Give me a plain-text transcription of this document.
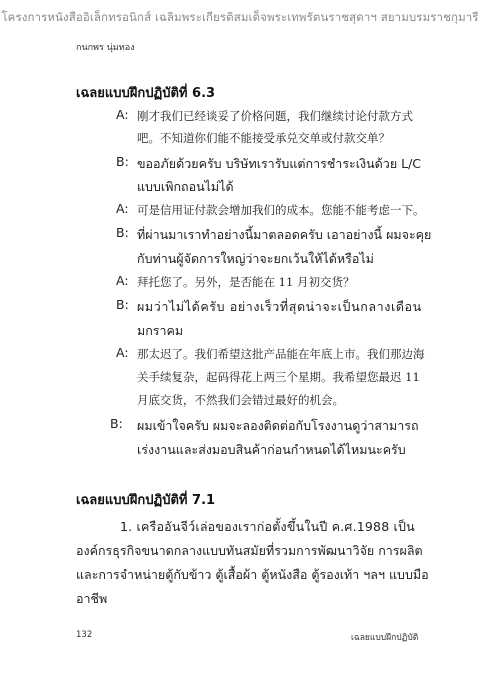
โครงการหนังสืออิเล็กทรอนิกส์ เฉลิมพระเกียรติสมเด็จพระเทพรัตนราชสุดาฯ สยามบรมราชกุมารี
กนกพร นุ่มทอง
เฉลยแบบฝึกปฏิบัติที่ 6.3
A: 刚才我们已经谈妥了价格问题，我们继续讨论付款方式
吧。不知道你们能不能接受承兑交单或付款交单？
B: ขออภัยด้วยครับ บริษัทเรารับแต่การชำระเงินด้วย L/C
แบบเพิกถอนไม่ได้
A: 可是信用证付款会增加我们的成本。您能不能考虑一下。
B: ที่ผ่านมาเราทำอย่างนี้มาตลอดครับ เอาอย่างนี้ ผมจะคุย
กับท่านผู้จัดการใหญ่ว่าจะยกเว้นให้ได้หรือไม่
A: 拜托您了。另外，是否能在 11 月初交货？
B: ผมว่าไม่ได้ครับ อย่างเร็วที่สุดน่าจะเป็นกลางเดือน
มกราคม
A: 那太迟了。我们希望这批产品能在年底上市。我们那边海
关手续复杂，起码得花上两三个星期。我希望您最迟 11
月底交货，不然我们会错过最好的机会。
B: ผมเข้าใจครับ ผมจะลองติดต่อกับโรงงานดูว่าสามารถ
เร่งงานและส่งมอบสินค้าก่อนกำหนดได้ไหมนะครับ
เฉลยแบบฝึกปฏิบัติที่ 7.1
1. เครืออันจีว์เล่อของเราก่อตั้งขึ้นในปี ค.ศ.1988 เป็น
องค์กรธุรกิจขนาดกลางแบบทันสมัยที่รวมการพัฒนาวิจัย การผลิต
และการจำหน่ายตู้กับข้าว ตู้เสื้อผ้า ตู้หนังสือ ตู้รองเท้า ฯลฯ แบบมือ
อาชีพ
132	เฉลยแบบฝึกปฏิบัติ
